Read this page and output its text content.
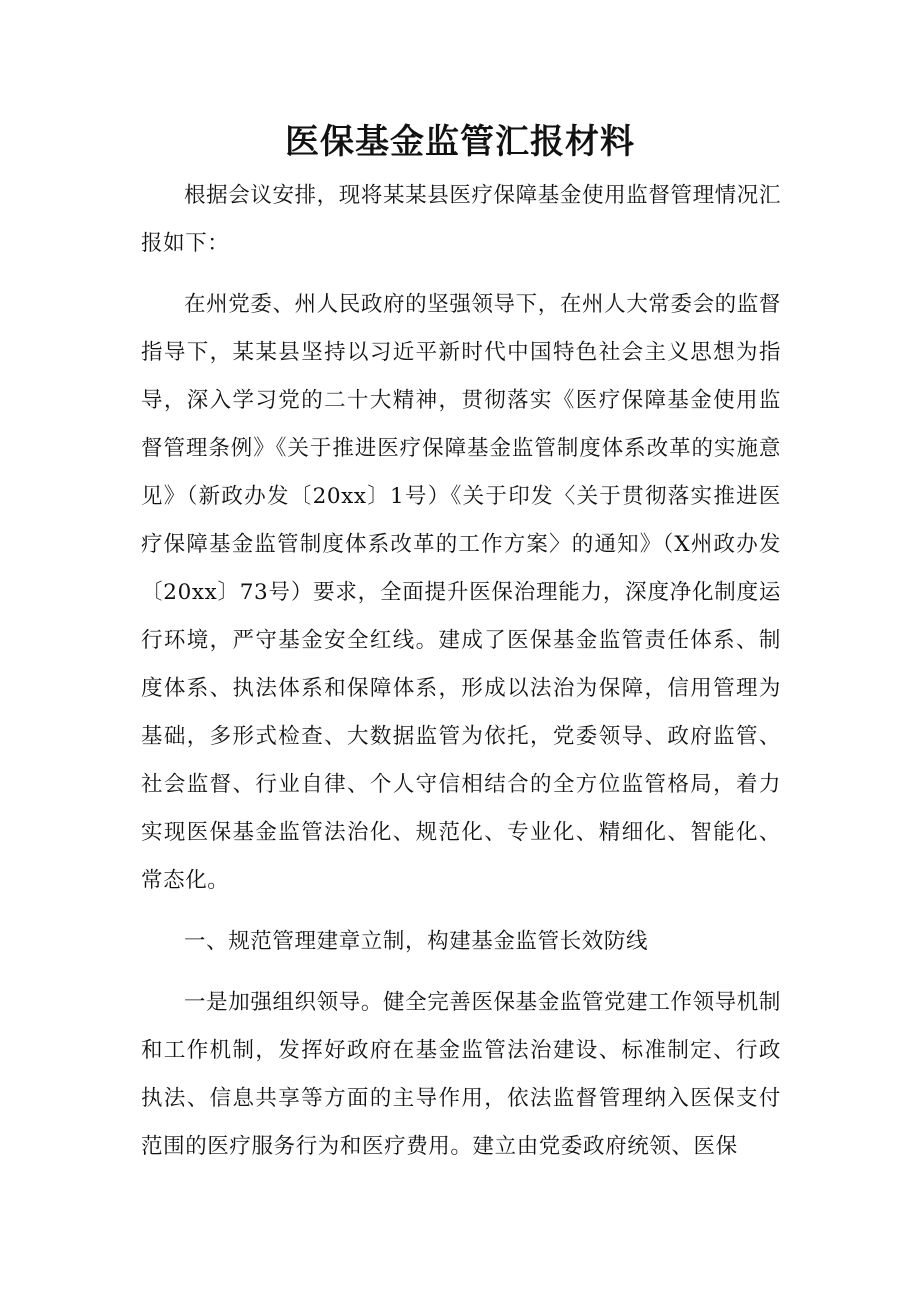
医保基金监管汇报材料

根据会议安排，现将某某县医疗保障基金使用监督管理情况汇报如下：

在州党委、州人民政府的坚强领导下，在州人大常委会的监督指导下，某某县坚持以习近平新时代中国特色社会主义思想为指导，深入学习党的二十大精神，贯彻落实《医疗保障基金使用监督管理条例》《关于推进医疗保障基金监管制度体系改革的实施意见》（新政办发〔20xx〕1号）《关于印发〈关于贯彻落实推进医疗保障基金监管制度体系改革的工作方案〉的通知》（X州政办发〔20xx〕73号）要求，全面提升医保治理能力，深度净化制度运行环境，严守基金安全红线。建成了医保基金监管责任体系、制度体系、执法体系和保障体系，形成以法治为保障，信用管理为基础，多形式检查、大数据监管为依托，党委领导、政府监管、社会监督、行业自律、个人守信相结合的全方位监管格局，着力实现医保基金监管法治化、规范化、专业化、精细化、智能化、常态化。

一、规范管理建章立制，构建基金监管长效防线

一是加强组织领导。健全完善医保基金监管党建工作领导机制和工作机制，发挥好政府在基金监管法治建设、标准制定、行政执法、信息共享等方面的主导作用，依法监督管理纳入医保支付范围的医疗服务行为和医疗费用。建立由党委政府统领、医保
